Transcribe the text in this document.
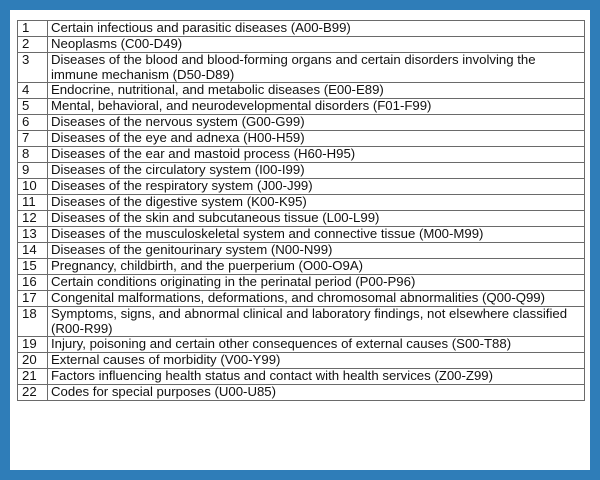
1	Certain infectious and parasitic diseases (A00-B99)
2	Neoplasms (C00-D49)
3	Diseases of the blood and blood-forming organs and certain disorders involving the immune mechanism (D50-D89)
4	Endocrine, nutritional, and metabolic diseases (E00-E89)
5	Mental, behavioral, and neurodevelopmental disorders (F01-F99)
6	Diseases of the nervous system (G00-G99)
7	Diseases of the eye and adnexa (H00-H59)
8	Diseases of the ear and mastoid process (H60-H95)
9	Diseases of the circulatory system (I00-I99)
10	Diseases of the respiratory system (J00-J99)
11	Diseases of the digestive system (K00-K95)
12	Diseases of the skin and subcutaneous tissue (L00-L99)
13	Diseases of the musculoskeletal system and connective tissue (M00-M99)
14	Diseases of the genitourinary system (N00-N99)
15	Pregnancy, childbirth, and the puerperium (O00-O9A)
16	Certain conditions originating in the perinatal period (P00-P96)
17	Congenital malformations, deformations, and chromosomal abnormalities (Q00-Q99)
18	Symptoms, signs, and abnormal clinical and laboratory findings, not elsewhere classified (R00-R99)
19	Injury, poisoning and certain other consequences of external causes (S00-T88)
20	External causes of morbidity (V00-Y99)
21	Factors influencing health status and contact with health services (Z00-Z99)
22	Codes for special purposes (U00-U85)
